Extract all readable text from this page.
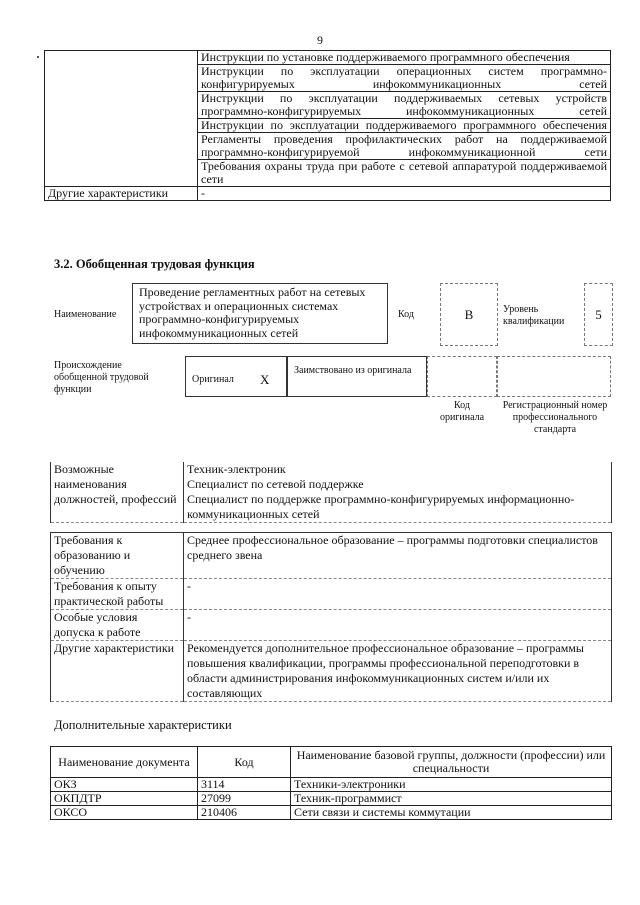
9
	Инструкции по установке поддерживаемого программного обеспечения
	Инструкции по эксплуатации операционных систем программно-конфигурируемых инфокоммуникационных сетей
	Инструкции по эксплуатации поддерживаемых сетевых устройств программно-конфигурируемых инфокоммуникационных сетей
	Инструкции по эксплуатации поддерживаемого программного обеспечения
	Регламенты проведения профилактических работ на поддерживаемой программно-конфигурируемой инфокоммуникационной сети
	Требования охраны труда при работе с сетевой аппаратурой поддерживаемой сети
Другие характеристики	-
3.2. Обобщенная трудовая функция
Наименование
Проведение регламентных работ на сетевых устройствах и операционных системах программно-конфигурируемых инфокоммуникационных сетей
Код	B	Уровень квалификации	5
Происхождение обобщенной трудовой функции
Оригинал X
Заимствовано из оригинала
Код оригинала
Регистрационный номер профессионального стандарта
Возможные наименования должностей, профессий	Техник-электроник
Специалист по сетевой поддержке
Специалист по поддержке программно-конфигурируемых информационно-коммуникационных сетей

Требования к образованию и обучению	Среднее профессиональное образование – программы подготовки специалистов среднего звена
Требования к опыту практической работы	-
Особые условия допуска к работе	-
Другие характеристики	Рекомендуется дополнительное профессиональное образование – программы повышения квалификации, программы профессиональной переподготовки в области администрирования инфокоммуникационных систем и/или их составляющих
Дополнительные характеристики
Наименование документа	Код	Наименование базовой группы, должности (профессии) или специальности
ОКЗ	3114	Техники-электроники
ОКПДТР	27099	Техник-программист
ОКСО	210406	Сети связи и системы коммутации
